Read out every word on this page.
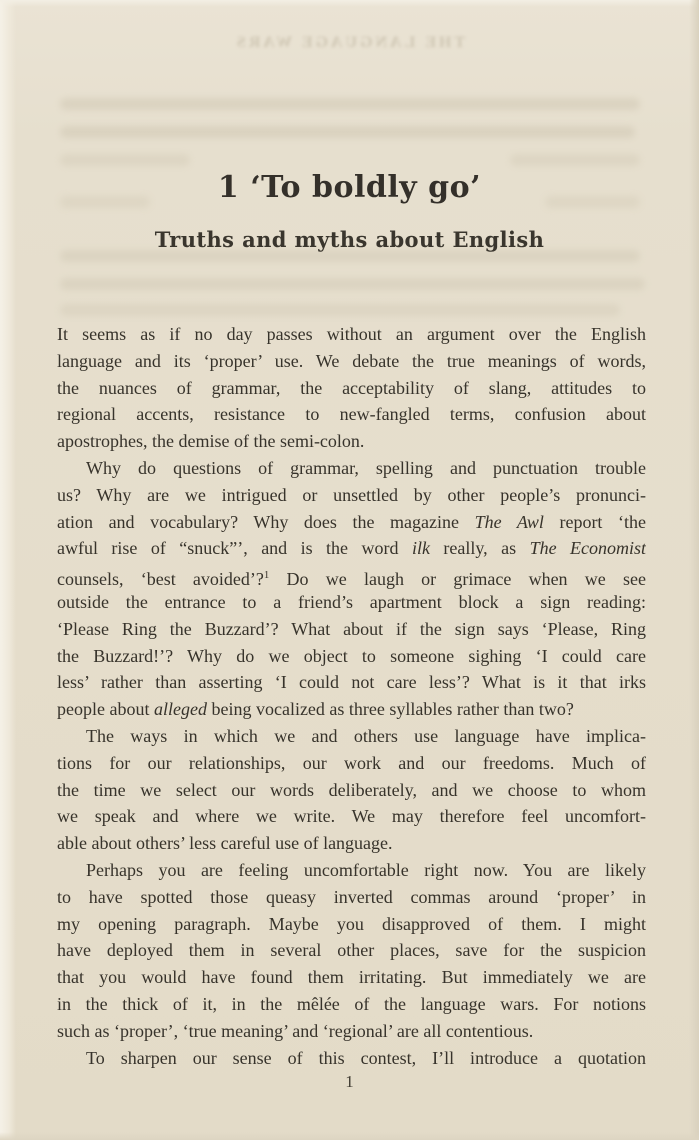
THE LANGUAGE WARS
1 ‘To boldly go’
Truths and myths about English
It seems as if no day passes without an argument over the English
language and its ‘proper’ use. We debate the true meanings of words,
the nuances of grammar, the acceptability of slang, attitudes to
regional accents, resistance to new-fangled terms, confusion about
apostrophes, the demise of the semi-colon.
Why do questions of grammar, spelling and punctuation trouble
us? Why are we intrigued or unsettled by other people’s pronunci-
ation and vocabulary? Why does the magazine The Awl report ‘the
awful rise of “snuck”’, and is the word ilk really, as The Economist
counsels, ‘best avoided’?$^1$ Do we laugh or grimace when we see
outside the entrance to a friend’s apartment block a sign reading:
‘Please Ring the Buzzard’? What about if the sign says ‘Please, Ring
the Buzzard!’? Why do we object to someone sighing ‘I could care
less’ rather than asserting ‘I could not care less’? What is it that irks
people about alleged being vocalized as three syllables rather than two?
The ways in which we and others use language have implica-
tions for our relationships, our work and our freedoms. Much of
the time we select our words deliberately, and we choose to whom
we speak and where we write. We may therefore feel uncomfort-
able about others’ less careful use of language.
Perhaps you are feeling uncomfortable right now. You are likely
to have spotted those queasy inverted commas around ‘proper’ in
my opening paragraph. Maybe you disapproved of them. I might
have deployed them in several other places, save for the suspicion
that you would have found them irritating. But immediately we are
in the thick of it, in the mêlée of the language wars. For notions
such as ‘proper’, ‘true meaning’ and ‘regional’ are all contentious.
To sharpen our sense of this contest, I’ll introduce a quotation
1
